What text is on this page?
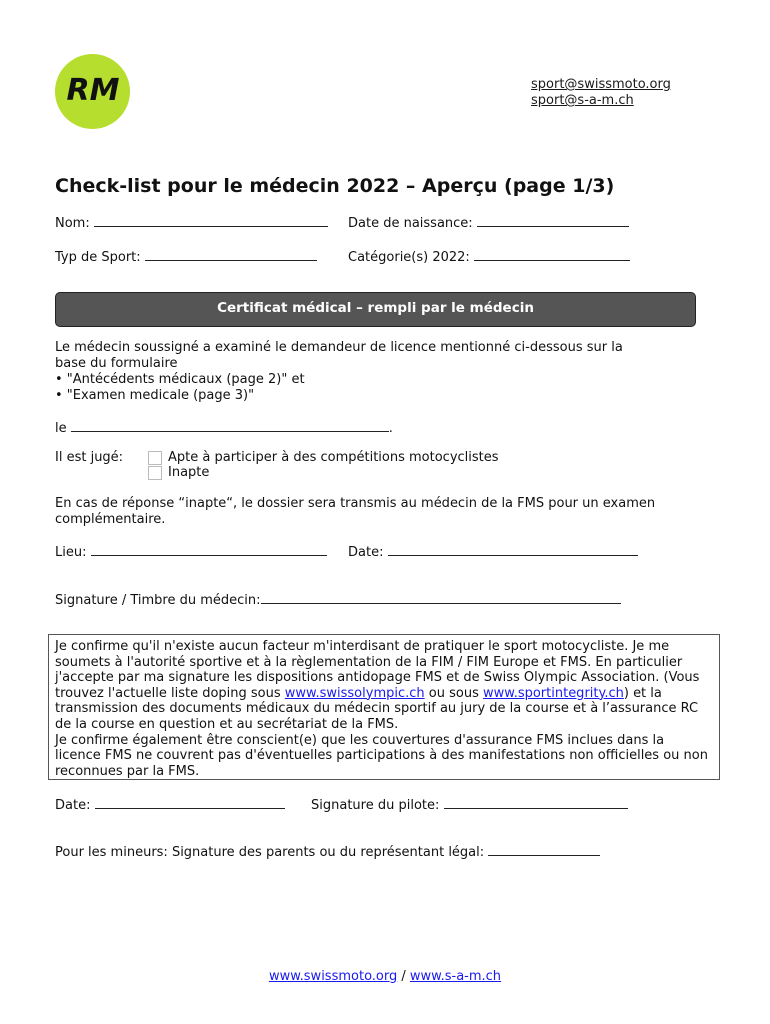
RM	sport@swissmoto.org
sport@s-a-m.ch
Check-list pour le médecin 2022 – Aperçu (page 1/3)
Nom:	Date de naissance:
Typ de Sport:	Catégorie(s) 2022:
Certificat médical – rempli par le médecin
Le médecin soussigné a examiné le demandeur de licence mentionné ci-dessous sur la
base du formulaire
• "Antécédents médicaux (page 2)" et
• "Examen medicale (page 3)"
le	.
Il est jugé:	Apte à participer à des compétitions motocyclistes
Inapte
En cas de réponse “inapte“, le dossier sera transmis au médecin de la FMS pour un examen complémentaire.
Lieu:	Date:
Signature / Timbre du médecin:
Je confirme qu'il n'existe aucun facteur m'interdisant de pratiquer le sport motocycliste. Je me soumets à l'autorité sportive et à la règlementation de la FIM / FIM Europe et FMS. En particulier j'accepte par ma signature les dispositions antidopage FMS et de Swiss Olympic Association. (Vous trouvez l'actuelle liste doping sous www.swissolympic.ch ou sous www.sportintegrity.ch) et la transmission des documents médicaux du médecin sportif au jury de la course et à l’assurance RC de la course en question et au secrétariat de la FMS.
Je confirme également être conscient(e) que les couvertures d'assurance FMS inclues dans la licence FMS ne couvrent pas d'éventuelles participations à des manifestations non officielles ou non reconnues par la FMS.
Date:	Signature du pilote:
Pour les mineurs: Signature des parents ou du représentant légal:
www.swissmoto.org / www.s-a-m.ch
